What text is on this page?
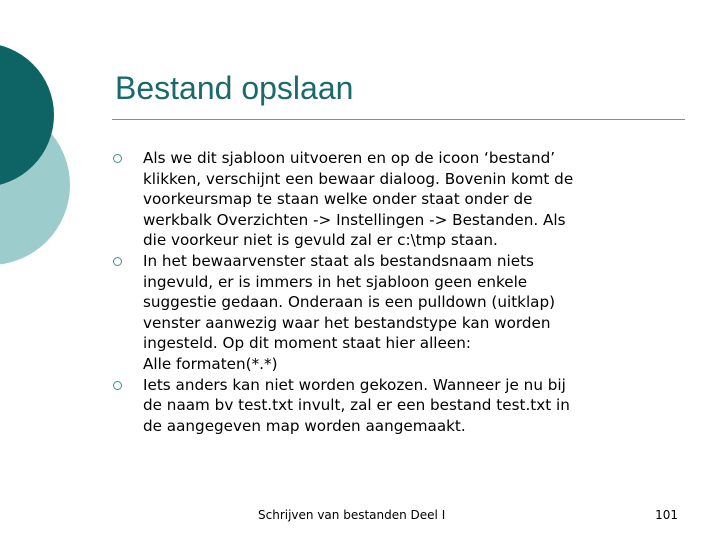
Bestand opslaan
Als we dit sjabloon uitvoeren en op de icoon ‘bestand’
klikken, verschijnt een bewaar dialoog. Bovenin komt de
voorkeursmap te staan welke onder staat onder de
werkbalk Overzichten -> Instellingen -> Bestanden. Als
die voorkeur niet is gevuld zal er c:\tmp staan.
In het bewaarvenster staat als bestandsnaam niets
ingevuld, er is immers in het sjabloon geen enkele
suggestie gedaan. Onderaan is een pulldown (uitklap)
venster aanwezig waar het bestandstype kan worden
ingesteld. Op dit moment staat hier alleen:
Alle formaten(*.*)
Iets anders kan niet worden gekozen. Wanneer je nu bij
de naam bv test.txt invult, zal er een bestand test.txt in
de aangegeven map worden aangemaakt.
Schrijven van bestanden Deel I	101
